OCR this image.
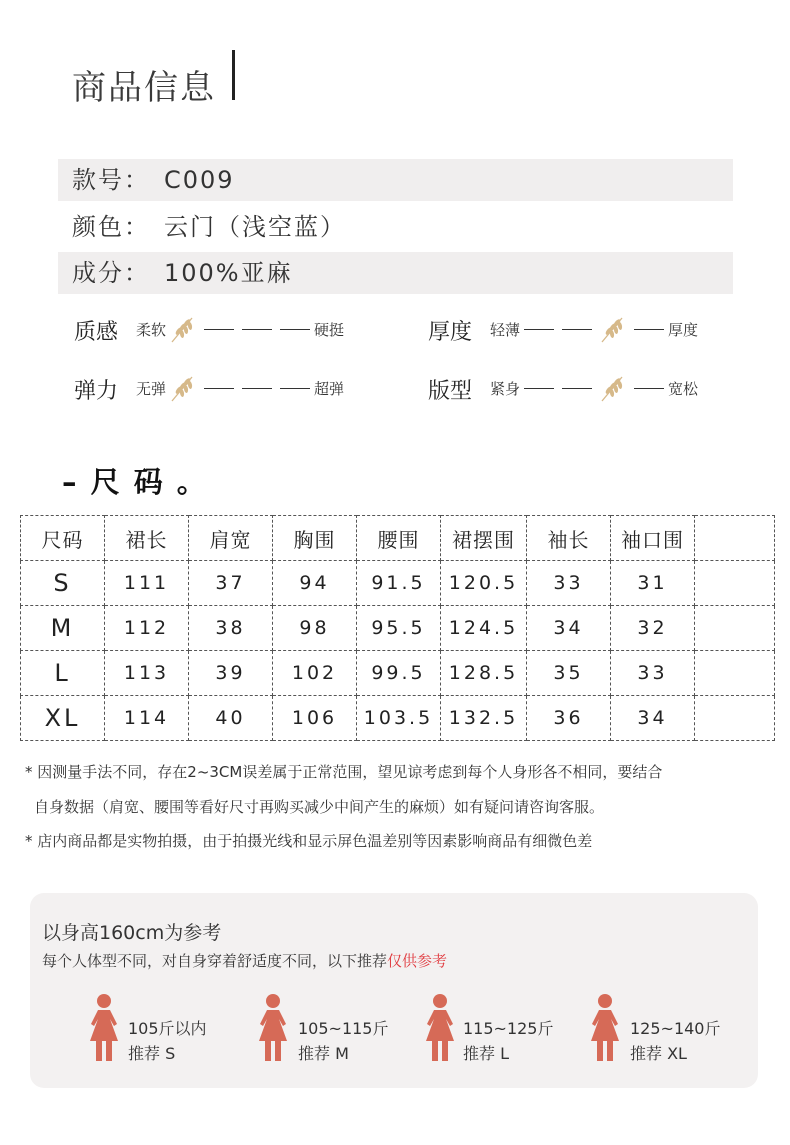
商品信息
款号： C009
颜色： 云门（浅空蓝）
成分： 100%亚麻
质感 柔软	硬挺	厚度 轻薄	厚度
弹力 无弹	超弹	版型 紧身	宽松
– 尺 码 。
尺码	裙长	肩宽	胸围	腰围	裙摆围	袖长	袖口围	
S	111	37	94	91.5	120.5	33	31	
M	112	38	98	95.5	124.5	34	32	
L	113	39	102	99.5	128.5	35	33	
XL	114	40	106	103.5	132.5	36	34	
* 因测量手法不同，存在2~3CM误差属于正常范围，望见谅考虑到每个人身形各不相同，要结合
自身数据（肩宽、腰围等看好尺寸再购买减少中间产生的麻烦）如有疑问请咨询客服。
* 店内商品都是实物拍摄，由于拍摄光线和显示屏色温差别等因素影响商品有细微色差
以身高160cm为参考
每个人体型不同，对自身穿着舒适度不同，以下推荐仅供参考
105斤以内
推荐 S
105~115斤
推荐 M
115~125斤
推荐 L
125~140斤
推荐 XL
